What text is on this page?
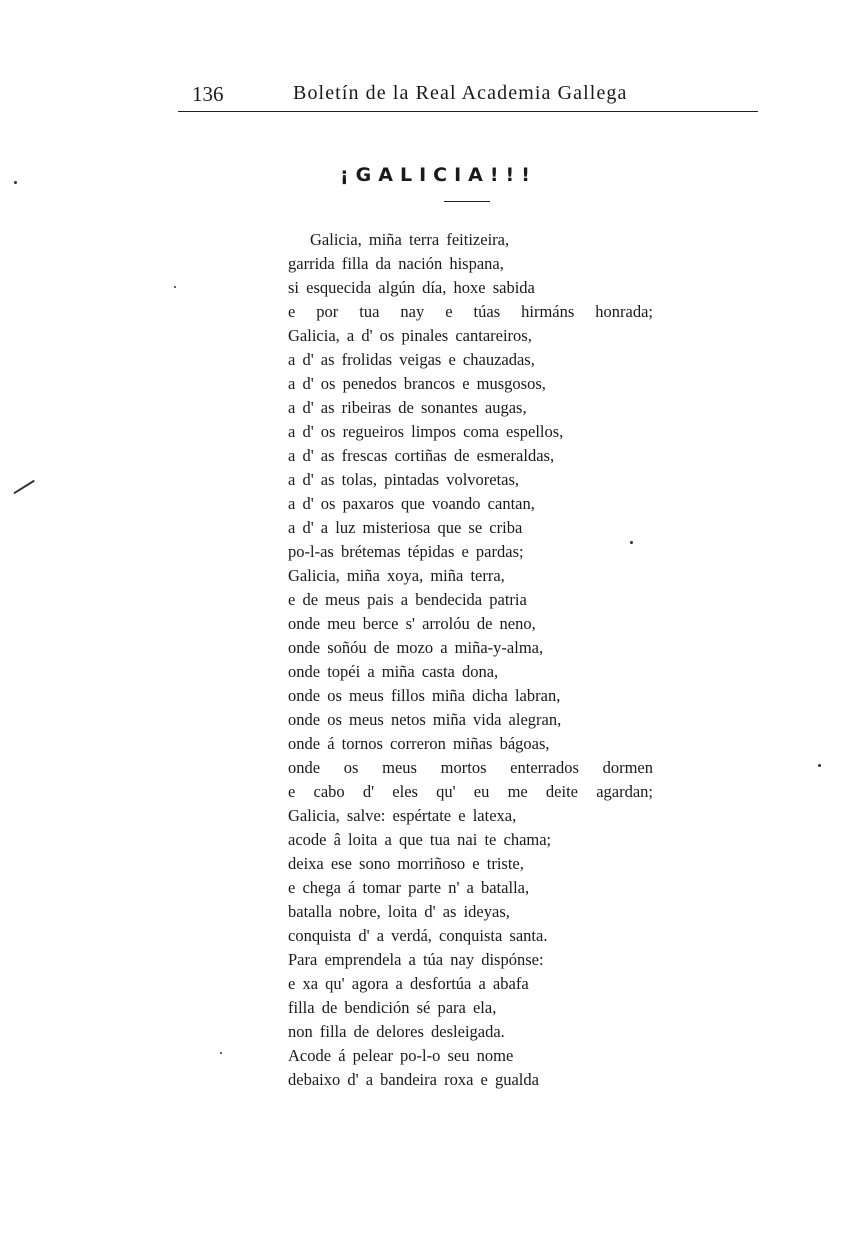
136	Boletín de la Real Academia Gallega
¡GALICIA!!!
Galicia, miña terra feitizeira,
garrida filla da nación hispana,
si esquecida algún día, hoxe sabida
e por tua nay e túas hirmáns honrada;
Galicia, a d' os pinales cantareiros,
a d' as frolidas veigas e chauzadas,
a d' os penedos brancos e musgosos,
a d' as ribeiras de sonantes augas,
a d' os regueiros limpos coma espellos,
a d' as frescas cortiñas de esmeraldas,
a d' as tolas, pintadas volvoretas,
a d' os paxaros que voando cantan,
a d' a luz misteriosa que se criba
po-l-as brétemas tépidas e pardas;
Galicia, miña xoya, miña terra,
e de meus pais a bendecida patria
onde meu berce s' arrolóu de neno,
onde soñóu de mozo a miña-y-alma,
onde topéi a miña casta dona,
onde os meus fillos miña dicha labran,
onde os meus netos miña vida alegran,
onde á tornos correron miñas bágoas,
onde os meus mortos enterrados dormen
e cabo d' eles qu' eu me deite agardan;
Galicia, salve: espértate e latexa,
acode â loita a que tua nai te chama;
deixa ese sono morriñoso e triste,
e chega á tomar parte n' a batalla,
batalla nobre, loita d' as ideyas,
conquista d' a verdá, conquista santa.
Para emprendela a túa nay dispónse:
e xa qu' agora a desfortúa a abafa
filla de bendición sé para ela,
non filla de delores desleigada.
Acode á pelear po-l-o seu nome
debaixo d' a bandeira roxa e gualda
